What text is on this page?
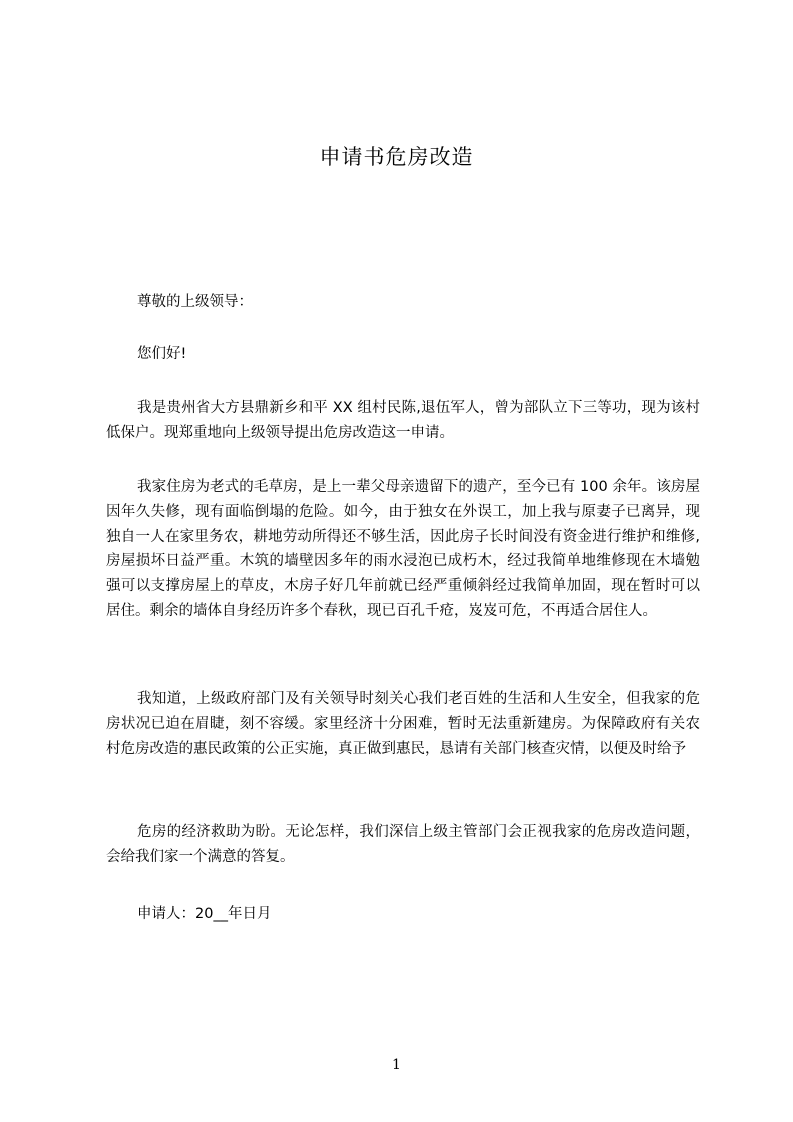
申请书危房改造
尊敬的上级领导：
您们好!

我是贵州省大方县鼎新乡和平 XX 组村民陈,退伍军人，曾为部队立下三等功，现为该村低保户。现郑重地向上级领导提出危房改造这一申请。

我家住房为老式的毛草房，是上一辈父母亲遗留下的遗产，至今已有 100 余年。该房屋因年久失修，现有面临倒塌的危险。如今，由于独女在外误工，加上我与原妻子已离异，现独自一人在家里务农，耕地劳动所得还不够生活，因此房子长时间没有资金进行维护和维修,房屋损坏日益严重。木筑的墙壁因多年的雨水浸泡已成朽木，经过我简单地维修现在木墙勉强可以支撑房屋上的草皮，木房子好几年前就已经严重倾斜经过我简单加固，现在暂时可以居住。剩余的墙体自身经历许多个春秋，现已百孔千疮，岌岌可危，不再适合居住人。

我知道，上级政府部门及有关领导时刻关心我们老百姓的生活和人生安全，但我家的危房状况已迫在眉睫，刻不容缓。家里经济十分困难，暂时无法重新建房。为保障政府有关农村危房改造的惠民政策的公正实施，真正做到惠民，恳请有关部门核查灾情，以便及时给予

危房的经济救助为盼。无论怎样，我们深信上级主管部门会正视我家的危房改造问题，会给我们家一个满意的答复。

申请人：20__年日月
1
